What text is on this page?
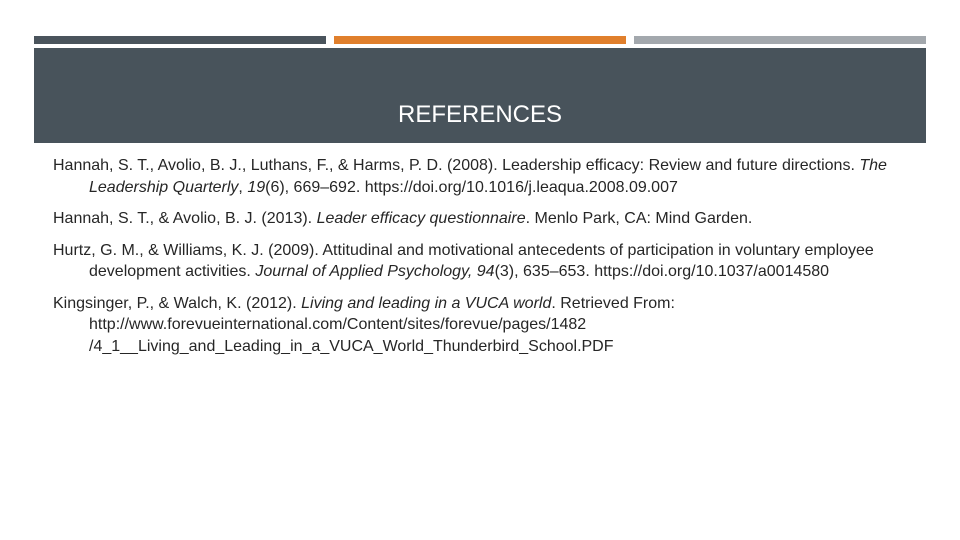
REFERENCES
Hannah, S. T., Avolio, B. J., Luthans, F., & Harms, P. D. (2008). Leadership efficacy: Review and future directions. The Leadership Quarterly, 19(6), 669–692. https://doi.org/10.1016/j.leaqua.2008.09.007
Hannah, S. T., & Avolio, B. J. (2013). Leader efficacy questionnaire. Menlo Park, CA: Mind Garden.
Hurtz, G. M., & Williams, K. J. (2009). Attitudinal and motivational antecedents of participation in voluntary employee development activities. Journal of Applied Psychology, 94(3), 635–653. https://doi.org/10.1037/a0014580
Kingsinger, P., & Walch, K. (2012). Living and leading in a VUCA world. Retrieved From: http://www.forevueinternational.com/Content/sites/forevue/pages/1482 /4_1__Living_and_Leading_in_a_VUCA_World_Thunderbird_School.PDF
